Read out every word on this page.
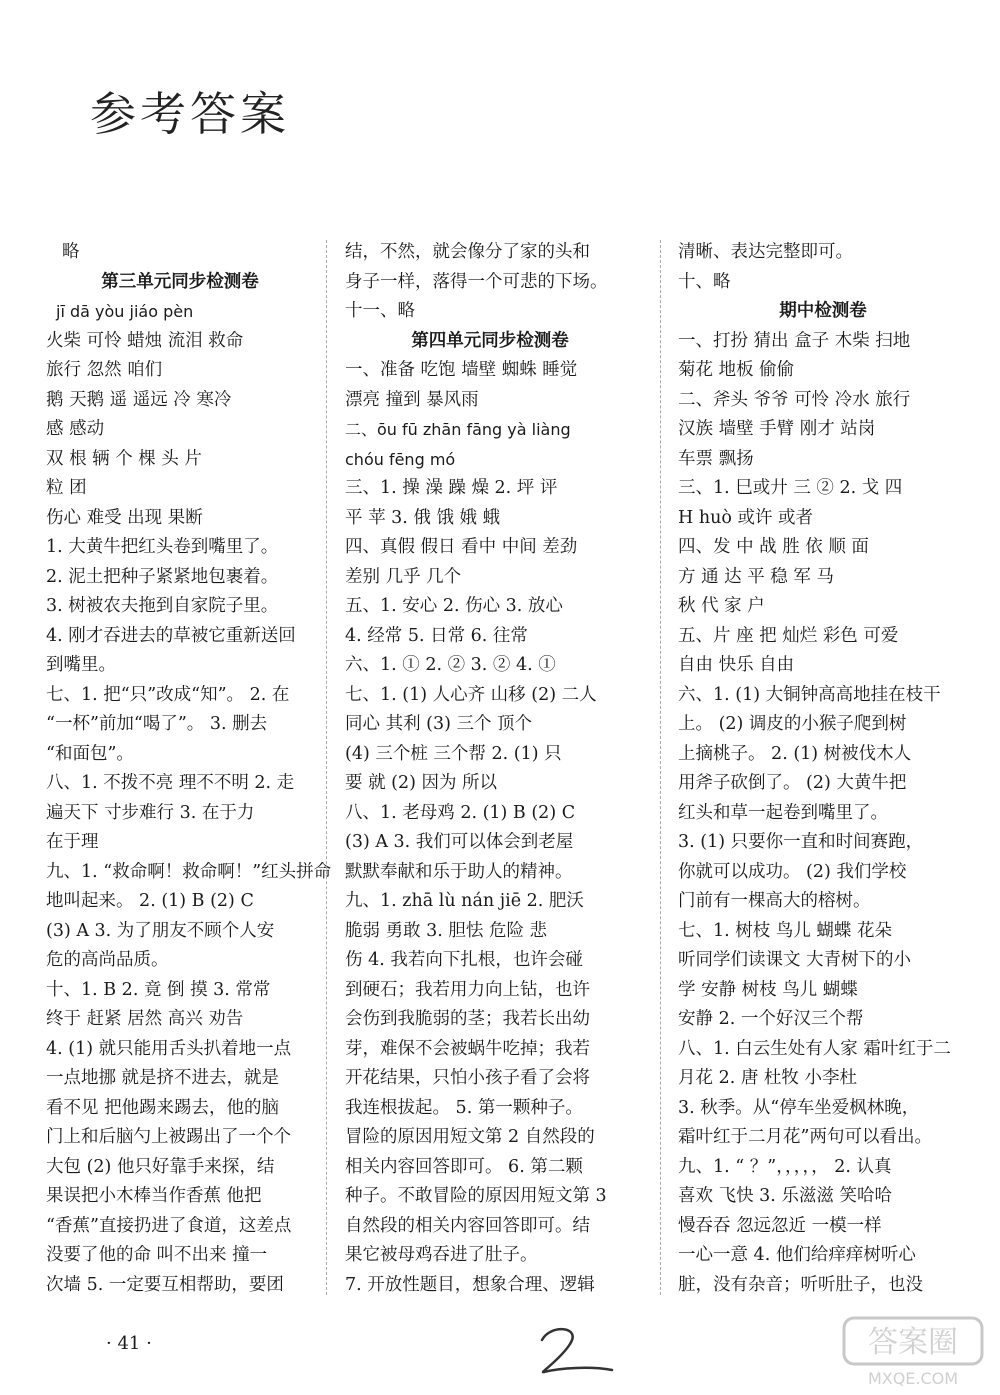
参考答案
略
第三单元同步检测卷
jī dā yòu jiáo pèn
火柴 可怜 蜡烛 流泪 救命
旅行 忽然 咱们
鹅 天鹅 遥 遥远 冷 寒冷
感 感动
双 根 辆 个 棵 头 片
粒 团
伤心 难受 出现 果断
1. 大黄牛把红头卷到嘴里了。
2. 泥土把种子紧紧地包裹着。
3. 树被农夫拖到自家院子里。
4. 刚才吞进去的草被它重新送回
到嘴里。
七、1. 把“只”改成“知”。 2. 在
“一杯”前加“喝了”。 3. 删去
“和面包”。
八、1. 不拨不亮 理不不明 2. 走
遍天下 寸步难行 3. 在于力
在于理
九、1. “救命啊！救命啊！”红头拼命
地叫起来。 2. (1) B (2) C
(3) A 3. 为了朋友不顾个人安
危的高尚品质。
十、1. B 2. 竟 倒 摸 3. 常常
终于 赶紧 居然 高兴 劝告
4. (1) 就只能用舌头扒着地一点
一点地挪 就是挤不进去，就是
看不见 把他踢来踢去，他的脑
门上和后脑勺上被踢出了一个个
大包 (2) 他只好靠手来探，结
果误把小木棒当作香蕉 他把
“香蕉”直接扔进了食道，这差点
没要了他的命 叫不出来 撞一
次墙 5. 一定要互相帮助，要团
结，不然，就会像分了家的头和
身子一样，落得一个可悲的下场。
十一、略
第四单元同步检测卷
一、准备 吃饱 墙壁 蜘蛛 睡觉
漂亮 撞到 暴风雨
二、ōu fū zhān fāng yà liàng
chóu fēng mó
三、1. 操 澡 躁 燥 2. 坪 评
平 苹 3. 俄 饿 娥 蛾
四、真假 假日 看中 中间 差劲
差别 几乎 几个
五、1. 安心 2. 伤心 3. 放心
4. 经常 5. 日常 6. 往常
六、1. ① 2. ② 3. ② 4. ①
七、1. (1) 人心齐 山移 (2) 二人
同心 其利 (3) 三个 顶个
(4) 三个桩 三个帮 2. (1) 只
要 就 (2) 因为 所以
八、1. 老母鸡 2. (1) B (2) C
(3) A 3. 我们可以体会到老屋
默默奉献和乐于助人的精神。
九、1. zhā lù nán jiē 2. 肥沃
脆弱 勇敢 3. 胆怯 危险 悲
伤 4. 我若向下扎根，也许会碰
到硬石；我若用力向上钻，也许
会伤到我脆弱的茎；我若长出幼
芽，难保不会被蜗牛吃掉；我若
开花结果，只怕小孩子看了会将
我连根拔起。 5. 第一颗种子。
冒险的原因用短文第 2 自然段的
相关内容回答即可。 6. 第二颗
种子。不敢冒险的原因用短文第 3
自然段的相关内容回答即可。结
果它被母鸡吞进了肚子。
7. 开放性题目，想象合理、逻辑
清晰、表达完整即可。
十、略
期中检测卷
一、打扮 猜出 盒子 木柴 扫地
菊花 地板 偷偷
二、斧头 爷爷 可怜 冷水 旅行
汉族 墙壁 手臂 刚才 站岗
车票 飘扬
三、1. 巳或廾 三 ② 2. 戈 四
H huò 或许 或者
四、发 中 战 胜 依 顺 面
方 通 达 平 稳 军 马
秋 代 家 户
五、片 座 把 灿烂 彩色 可爱
自由 快乐 自由
六、1. (1) 大铜钟高高地挂在枝干
上。 (2) 调皮的小猴子爬到树
上摘桃子。 2. (1) 树被伐木人
用斧子砍倒了。 (2) 大黄牛把
红头和草一起卷到嘴里了。
3. (1) 只要你一直和时间赛跑，
你就可以成功。 (2) 我们学校
门前有一棵高大的榕树。
七、1. 树枝 鸟儿 蝴蝶 花朵
听同学们读课文 大青树下的小
学 安静 树枝 鸟儿 蝴蝶
安静 2. 一个好汉三个帮
八、1. 白云生处有人家 霜叶红于二
月花 2. 唐 杜牧 小李杜
3. 秋季。从“停车坐爱枫林晚，
霜叶红于二月花”两句可以看出。
九、1. “ ？”，，，，， 2. 认真
喜欢 飞快 3. 乐滋滋 笑哈哈
慢吞吞 忽远忽近 一模一样
一心一意 4. 他们给痒痒树听心
脏，没有杂音；听听肚子，也没
· 41 ·	答案圈
MXQE.COM
